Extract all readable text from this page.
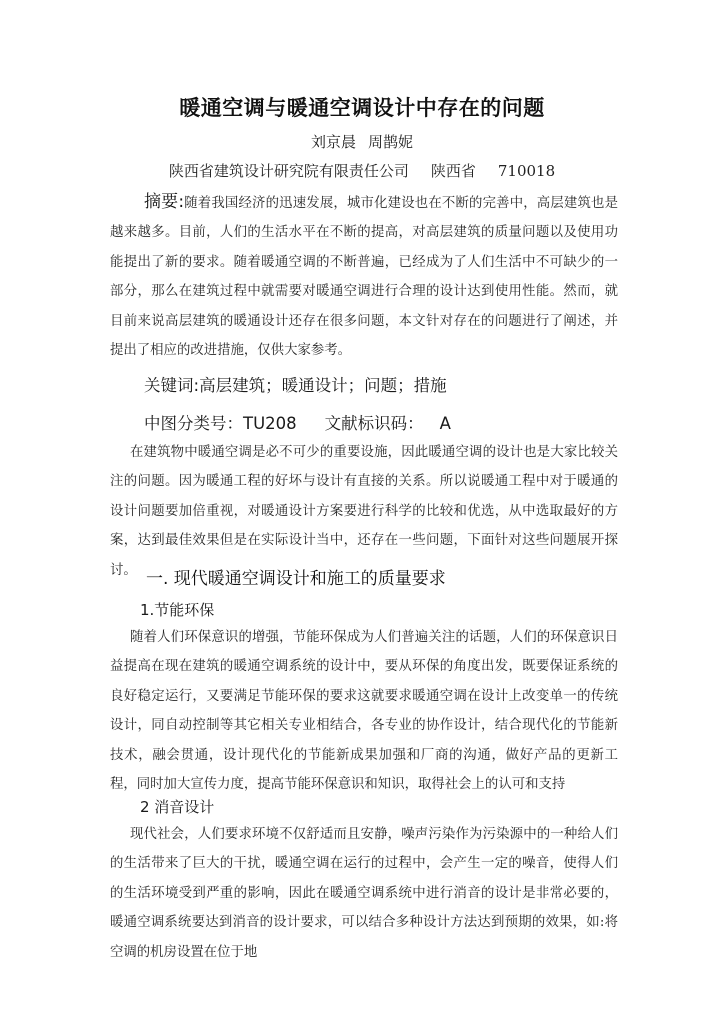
暖通空调与暖通空调设计中存在的问题
刘京晨 周鹊妮
陕西省建筑设计研究院有限责任公司 陕西省 710018
摘要:随着我国经济的迅速发展，城市化建设也在不断的完善中，高层建筑也是越来越多。目前，人们的生活水平在不断的提高，对高层建筑的质量问题以及使用功能提出了新的要求。随着暖通空调的不断普遍，已经成为了人们生活中不可缺少的一部分，那么在建筑过程中就需要对暖通空调进行合理的设计达到使用性能。然而，就目前来说高层建筑的暖通设计还存在很多问题，本文针对存在的问题进行了阐述，并提出了相应的改进措施，仅供大家参考。
关键词:高层建筑；暖通设计；问题；措施
中图分类号：TU208 文献标识码： A
在建筑物中暖通空调是必不可少的重要设施，因此暖通空调的设计也是大家比较关注的问题。因为暖通工程的好坏与设计有直接的关系。所以说暖通工程中对于暖通的设计问题要加倍重视，对暖通设计方案要进行科学的比较和优选，从中选取最好的方案，达到最佳效果但是在实际设计当中，还存在一些问题，下面针对这些问题展开探讨。 一. 现代暖通空调设计和施工的质量要求
1.节能环保
随着人们环保意识的增强，节能环保成为人们普遍关注的话题，人们的环保意识日益提高在现在建筑的暖通空调系统的设计中，要从环保的角度出发，既要保证系统的良好稳定运行，又要满足节能环保的要求这就要求暖通空调在设计上改变单一的传统设计，同自动控制等其它相关专业相结合，各专业的协作设计，结合现代化的节能新技术，融会贯通，设计现代化的节能新成果加强和厂商的沟通，做好产品的更新工程，同时加大宣传力度，提高节能环保意识和知识，取得社会上的认可和支持
2 消音设计
现代社会，人们要求环境不仅舒适而且安静，噪声污染作为污染源中的一种给人们的生活带来了巨大的干扰，暖通空调在运行的过程中，会产生一定的噪音，使得人们的生活环境受到严重的影响，因此在暖通空调系统中进行消音的设计是非常必要的，暖通空调系统要达到消音的设计要求，可以结合多种设计方法达到预期的效果，如:将空调的机房设置在位于地
